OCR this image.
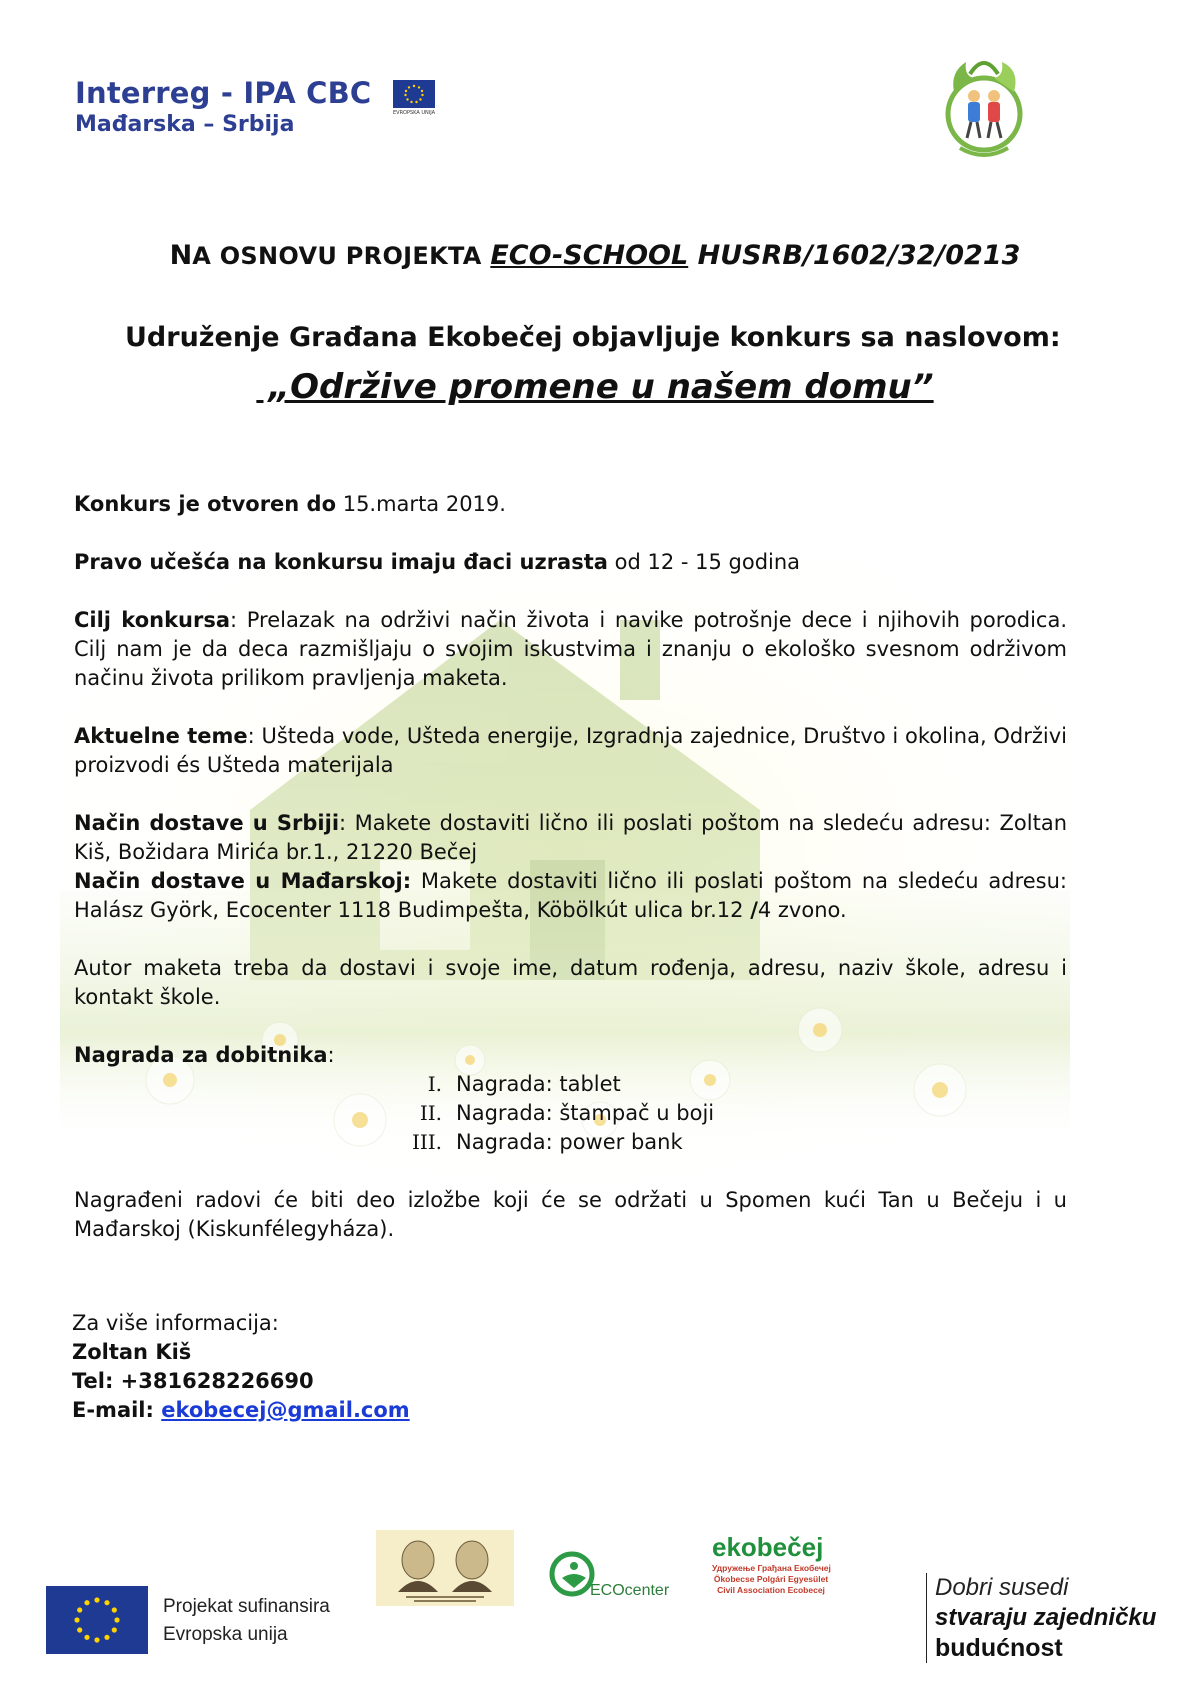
Interreg - IPA CBC
Mađarska – Srbija	EVROPSKA UNIJA
NA OSNOVU PROJEKTA ECO-SCHOOL HUSRB/1602/32/0213
Udruženje Građana Ekobečej objavljuje konkurs sa naslovom:
„Održive promene u našem domu”

Konkurs je otvoren do 15.marta 2019.

Pravo učešća na konkursu imaju đaci uzrasta od 12 - 15 godina

Cilj konkursa: Prelazak na održivi način života i navike potrošnje dece i njihovih porodica. Cilj nam je da deca razmišljaju o svojim iskustvima i znanju o ekološko svesnom održivom načinu života prilikom pravljenja maketa.

Aktuelne teme: Ušteda vode, Ušteda energije, Izgradnja zajednice, Društvo i okolina, Održivi proizvodi és Ušteda materijala

Način dostave u Srbiji: Makete dostaviti lično ili poslati poštom na sledeću adresu: Zoltan Kiš, Božidara Mirića br.1., 21220 Bečej

Način dostave u Mađarskoj: Makete dostaviti lično ili poslati poštom na sledeću adresu: Halász Györk, Ecocenter 1118 Budimpešta, Köbölkút ulica br.12 /4 zvono.

Autor maketa treba da dostavi i svoje ime, datum rođenja, adresu, naziv škole, adresu i kontakt škole.

Nagrada za dobitnika:

I. Nagrada: tablet
II. Nagrada: štampač u boji
III. Nagrada: power bank

Nagrađeni radovi će biti deo izložbe koji će se održati u Spomen kući Tan u Bečeju i u Mađarskoj (Kiskunfélegyháza).

Za više informacija:
Zoltan Kiš
Tel: +381628226690
E-mail: ekobecej@gmail.com
Projekat sufinansira
Evropska unija
ECOcenter
ekobečej
Удружење Грађана Екобечеј
Ökobecse Polgári Egyesület
Civil Association Ecobecej	Dobri susedi
stvaraju zajedničku
budućnost
